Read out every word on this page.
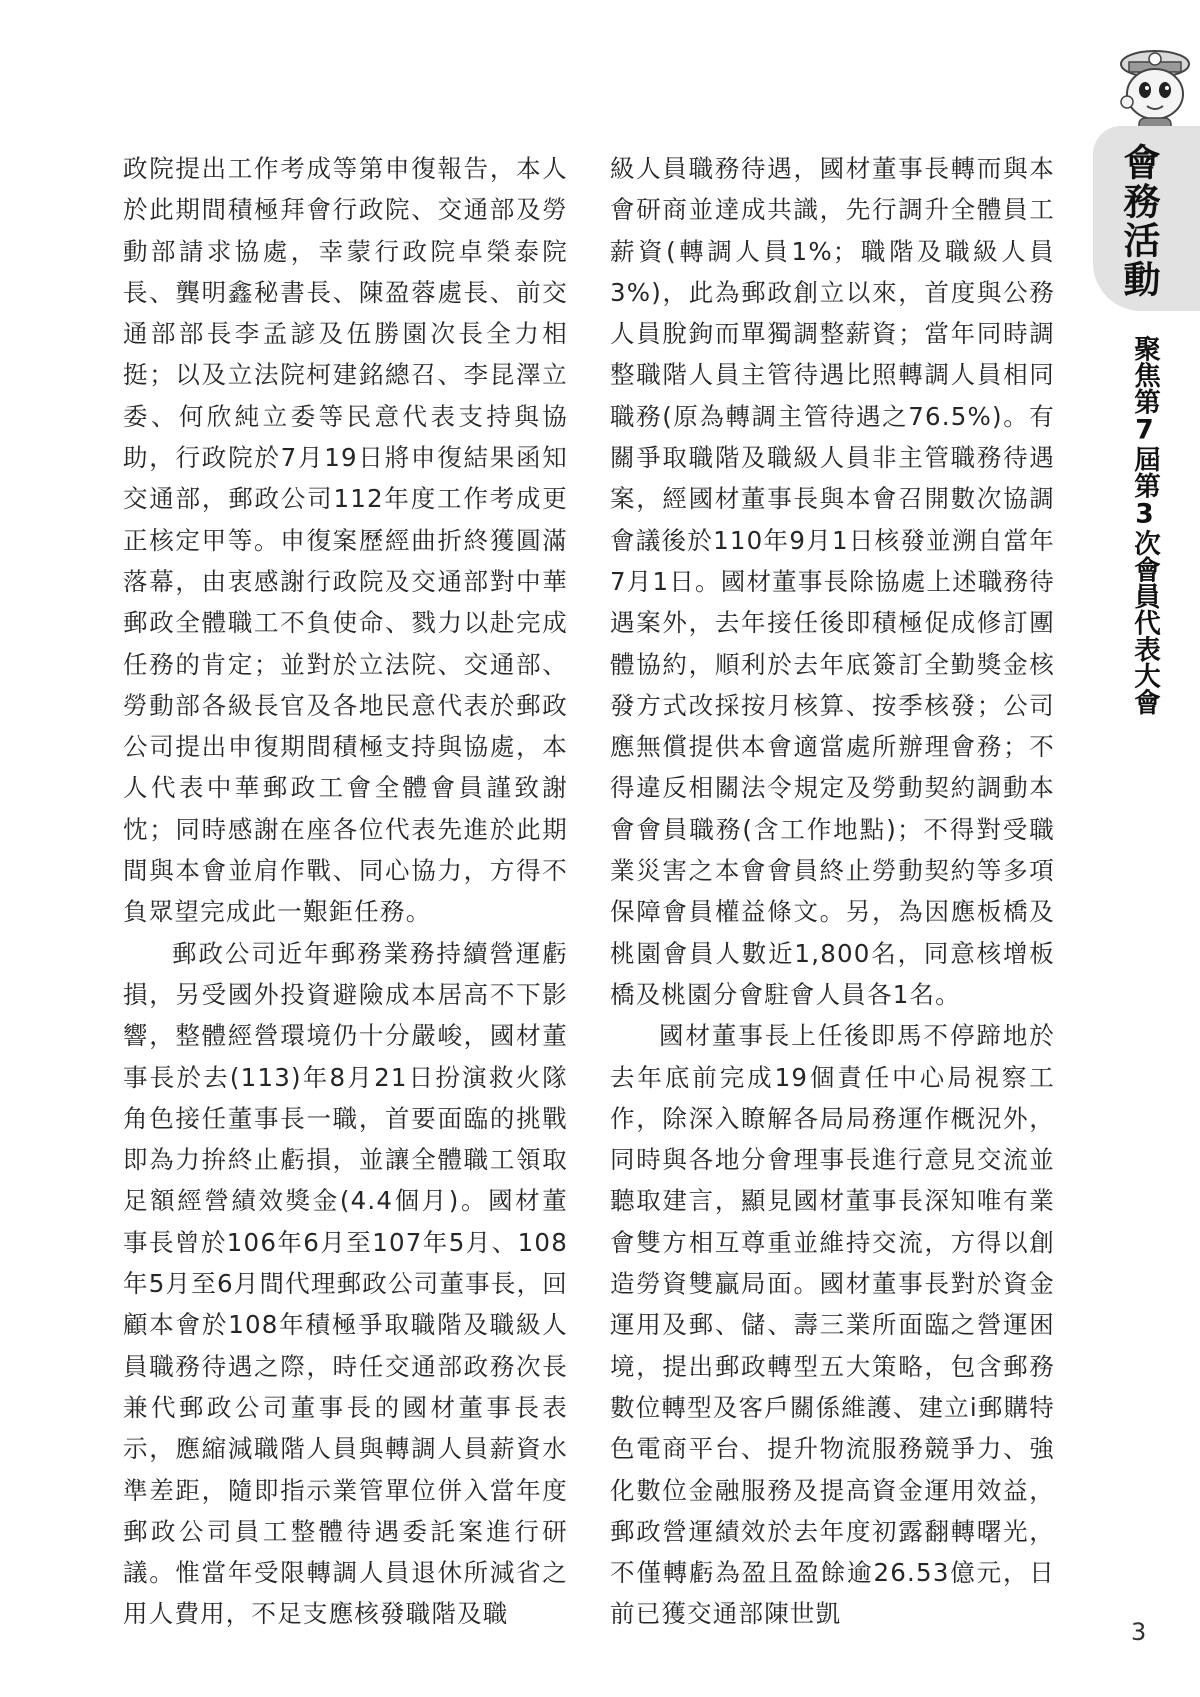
會務活動
聚焦第7屆第3次會員代表大會

政院提出工作考成等第申復報告，本人於此期間積極拜會行政院、交通部及勞動部請求協處，幸蒙行政院卓榮泰院長、龔明鑫秘書長、陳盈蓉處長、前交通部部長李孟諺及伍勝園次長全力相挺；以及立法院柯建銘總召、李昆澤立委、何欣純立委等民意代表支持與協助，行政院於7月19日將申復結果函知交通部，郵政公司112年度工作考成更正核定甲等。申復案歷經曲折終獲圓滿落幕，由衷感謝行政院及交通部對中華郵政全體職工不負使命、戮力以赴完成任務的肯定；並對於立法院、交通部、勞動部各級長官及各地民意代表於郵政公司提出申復期間積極支持與協處，本人代表中華郵政工會全體會員謹致謝忱；同時感謝在座各位代表先進於此期間與本會並肩作戰、同心協力，方得不負眾望完成此一艱鉅任務。

郵政公司近年郵務業務持續營運虧損，另受國外投資避險成本居高不下影響，整體經營環境仍十分嚴峻，國材董事長於去(113)年8月21日扮演救火隊角色接任董事長一職，首要面臨的挑戰即為力拚終止虧損，並讓全體職工領取足額經營績效獎金(4.4個月)。國材董事長曾於106年6月至107年5月、108年5月至6月間代理郵政公司董事長，回顧本會於108年積極爭取職階及職級人員職務待遇之際，時任交通部政務次長兼代郵政公司董事長的國材董事長表示，應縮減職階人員與轉調人員薪資水準差距，隨即指示業管單位併入當年度郵政公司員工整體待遇委託案進行研議。惟當年受限轉調人員退休所減省之用人費用，不足支應核發職階及職

級人員職務待遇，國材董事長轉而與本會研商並達成共識，先行調升全體員工薪資(轉調人員1%；職階及職級人員3%)，此為郵政創立以來，首度與公務人員脫鉤而單獨調整薪資；當年同時調整職階人員主管待遇比照轉調人員相同職務(原為轉調主管待遇之76.5%)。有關爭取職階及職級人員非主管職務待遇案，經國材董事長與本會召開數次協調會議後於110年9月1日核發並溯自當年7月1日。國材董事長除協處上述職務待遇案外，去年接任後即積極促成修訂團體協約，順利於去年底簽訂全勤獎金核發方式改採按月核算、按季核發；公司應無償提供本會適當處所辦理會務；不得違反相關法令規定及勞動契約調動本會會員職務(含工作地點)；不得對受職業災害之本會會員終止勞動契約等多項保障會員權益條文。另，為因應板橋及桃園會員人數近1,800名，同意核增板橋及桃園分會駐會人員各1名。

國材董事長上任後即馬不停蹄地於去年底前完成19個責任中心局視察工作，除深入瞭解各局局務運作概況外，同時與各地分會理事長進行意見交流並聽取建言，顯見國材董事長深知唯有業會雙方相互尊重並維持交流，方得以創造勞資雙贏局面。國材董事長對於資金運用及郵、儲、壽三業所面臨之營運困境，提出郵政轉型五大策略，包含郵務數位轉型及客戶關係維護、建立i郵購特色電商平台、提升物流服務競爭力、強化數位金融服務及提高資金運用效益，郵政營運績效於去年度初露翻轉曙光，不僅轉虧為盈且盈餘逾26.53億元，日前已獲交通部陳世凱

3
